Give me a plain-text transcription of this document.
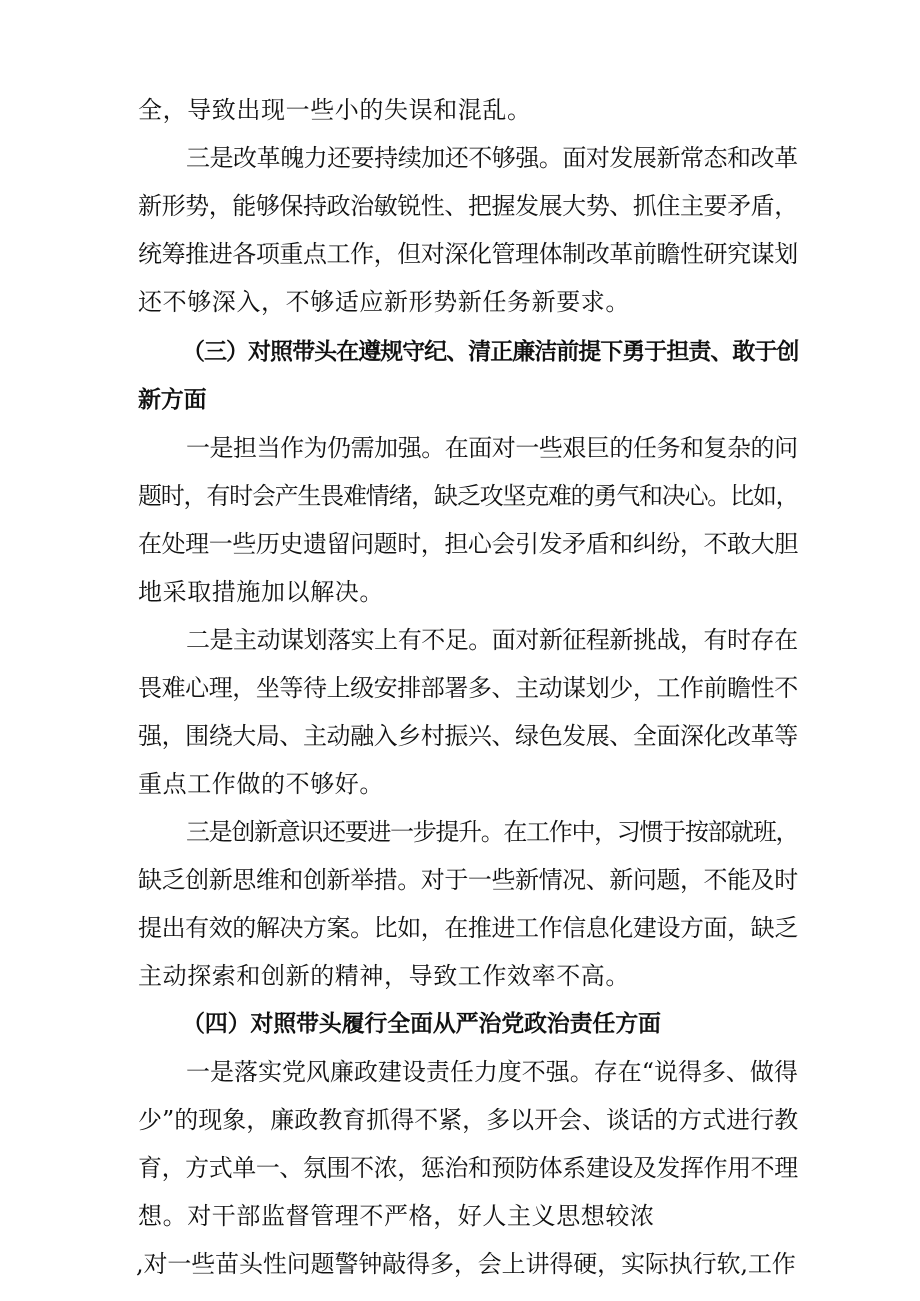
全，导致出现一些小的失误和混乱。
三是改革魄力还要持续加还不够强。面对发展新常态和改革
新形势，能够保持政治敏锐性、把握发展大势、抓住主要矛盾，
统筹推进各项重点工作，但对深化管理体制改革前瞻性研究谋划
还不够深入，不够适应新形势新任务新要求。
（三）对照带头在遵规守纪、清正廉洁前提下勇于担责、敢于创
新方面
一是担当作为仍需加强。在面对一些艰巨的任务和复杂的问
题时，有时会产生畏难情绪，缺乏攻坚克难的勇气和决心。比如，
在处理一些历史遗留问题时，担心会引发矛盾和纠纷，不敢大胆
地采取措施加以解决。
二是主动谋划落实上有不足。面对新征程新挑战，有时存在
畏难心理，坐等待上级安排部署多、主动谋划少，工作前瞻性不
强，围绕大局、主动融入乡村振兴、绿色发展、全面深化改革等
重点工作做的不够好。
三是创新意识还要进一步提升。在工作中，习惯于按部就班，
缺乏创新思维和创新举措。对于一些新情况、新问题，不能及时
提出有效的解决方案。比如，在推进工作信息化建设方面，缺乏
主动探索和创新的精神，导致工作效率不高。
（四）对照带头履行全面从严治党政治责任方面
一是落实党风廉政建设责任力度不强。存在“说得多、做得
少”的现象，廉政教育抓得不紧，多以开会、谈话的方式进行教
育，方式单一、氛围不浓，惩治和预防体系建设及发挥作用不理
想。对干部监督管理不严格，好人主义思想较浓
,对一些苗头性问题警钟敲得多，会上讲得硬，实际执行软,工作
